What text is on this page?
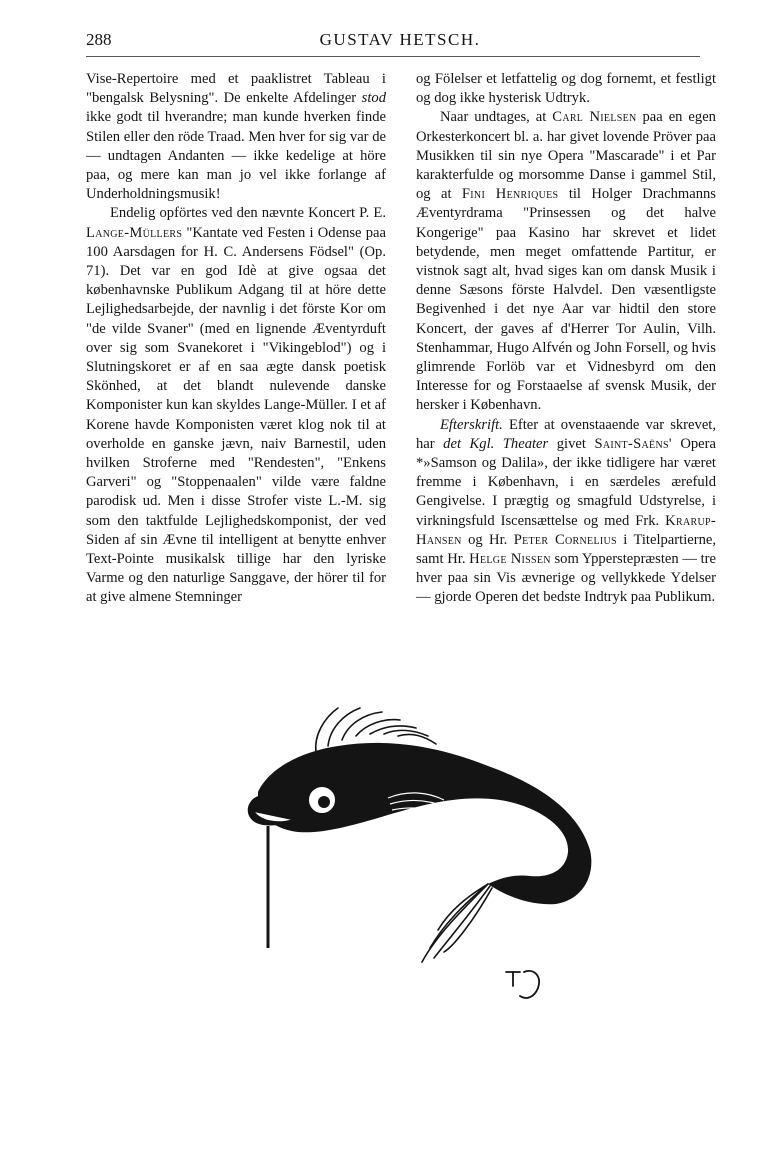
288	GUSTAV HETSCH.

Vise-Repertoire med et paaklistret Tableau i "bengalsk Belysning". De enkelte Afdelinger stod ikke godt til hverandre; man kunde hverken finde Stilen eller den röde Traad. Men hver for sig var de — undtagen Andanten — ikke kedelige at höre paa, og mere kan man jo vel ikke forlange af Underholdningsmusik!

Endelig opförtes ved den nævnte Koncert P. E. Lange-Müllers "Kantate ved Festen i Odense paa 100 Aarsdagen for H. C. Andersens Födsel" (Op. 71). Det var en god Idè at give ogsaa det københavnske Publikum Adgang til at höre dette Lejlighedsarbejde, der navnlig i det förste Kor om "de vilde Svaner" (med en lignende Æventyrduft over sig som Svanekoret i "Vikingeblod") og i Slutningskoret er af en saa ægte dansk poetisk Skönhed, at det blandt nulevende danske Komponister kun kan skyldes Lange-Müller. I et af Korene havde Komponisten været klog nok til at overholde en ganske jævn, naiv Barnestil, uden hvilken Stroferne med "Rendesten", "Enkens Garveri" og "Stoppenaalen" vilde være faldne parodisk ud. Men i disse Strofer viste L.-M. sig som den taktfulde Lejlighedskomponist, der ved Siden af sin Ævne til intelligent at benytte enhver Text-Pointe musikalsk tillige har den lyriske Varme og den naturlige Sanggave, der hörer til for at give almene Stemninger

og Fölelser et letfattelig og dog fornemt, et festligt og dog ikke hysterisk Udtryk.

Naar undtages, at Carl Nielsen paa en egen Orkesterkoncert bl. a. har givet lovende Pröver paa Musikken til sin nye Opera "Mascarade" i et Par karakterfulde og morsomme Danse i gammel Stil, og at Fini Henriques til Holger Drachmanns Æventyrdrama "Prinsessen og det halve Kongerige" paa Kasino har skrevet et lidet betydende, men meget omfattende Partitur, er vistnok sagt alt, hvad siges kan om dansk Musik i denne Sæsons förste Halvdel. Den væsentligste Begivenhed i det nye Aar var hidtil den store Koncert, der gaves af d'Herrer Tor Aulin, Vilh. Stenhammar, Hugo Alfvén og John Forsell, og hvis glimrende Forlöb var et Vidnesbyrd om den Interesse for og Forstaaelse af svensk Musik, der hersker i København.

Efterskrift. Efter at ovenstaaende var skrevet, har det Kgl. Theater givet Saint-Saëns' Opera *»Samson og Dalila», der ikke tidligere har været fremme i København, i en særdeles ærefuld Gengivelse. I prægtig og smagfuld Udstyrelse, i virkningsfuld Iscensættelse og med Frk. Krarup-Hansen og Hr. Peter Cornelius i Titelpartierne, samt Hr. Helge Nissen som Ypperstepræsten — tre hver paa sin Vis ævnerige og vellykkede Ydelser — gjorde Operen det bedste Indtryk paa Publikum.
